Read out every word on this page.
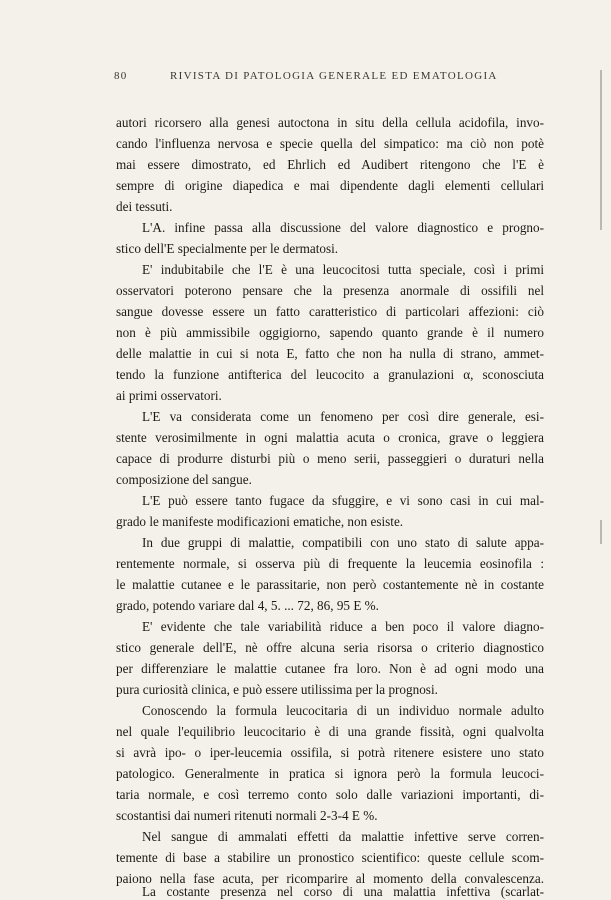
80	RIVISTA DI PATOLOGIA GENERALE ED EMATOLOGIA
autori ricorsero alla genesi autoctona in situ della cellula acidofila, invo-
cando l'influenza nervosa e specie quella del simpatico: ma ciò non potè
mai essere dimostrato, ed Ehrlich ed Audibert ritengono che l'E è
sempre di origine diapedica e mai dipendente dagli elementi cellulari
dei tessuti.
L'A. infine passa alla discussione del valore diagnostico e progno-
stico dell'E specialmente per le dermatosi.
E' indubitabile che l'E è una leucocitosi tutta speciale, così i primi
osservatori poterono pensare che la presenza anormale di ossifili nel
sangue dovesse essere un fatto caratteristico di particolari affezioni: ciò
non è più ammissibile oggigiorno, sapendo quanto grande è il numero
delle malattie in cui si nota E, fatto che non ha nulla di strano, ammet-
tendo la funzione antifterica del leucocito a granulazioni α, sconosciuta
ai primi osservatori.
L'E va considerata come un fenomeno per così dire generale, esi-
stente verosimilmente in ogni malattia acuta o cronica, grave o leggiera
capace di produrre disturbi più o meno serii, passeggieri o duraturi nella
composizione del sangue.
L'E può essere tanto fugace da sfuggire, e vi sono casi in cui mal-
grado le manifeste modificazioni ematiche, non esiste.
In due gruppi di malattie, compatibili con uno stato di salute appa-
rentemente normale, si osserva più di frequente la leucemia eosinofila :
le malattie cutanee e le parassitarie, non però costantemente nè in costante
grado, potendo variare dal 4, 5. ... 72, 86, 95 E %.
E' evidente che tale variabilità riduce a ben poco il valore diagno-
stico generale dell'E, nè offre alcuna seria risorsa o criterio diagnostico
per differenziare le malattie cutanee fra loro. Non è ad ogni modo una
pura curiosità clinica, e può essere utilissima per la prognosi.
Conoscendo la formula leucocitaria di un individuo normale adulto
nel quale l'equilibrio leucocitario è di una grande fissità, ogni qualvolta
si avrà ipo- o iper-leucemia ossifila, si potrà ritenere esistere uno stato
patologico. Generalmente in pratica si ignora però la formula leucoci-
taria normale, e così terremo conto solo dalle variazioni importanti, di-
scostantisi dai numeri ritenuti normali 2-3-4 E %.
Nel sangue di ammalati effetti da malattie infettive serve corren-
temente di base a stabilire un pronostico scientifico: queste cellule scom-
paiono nella fase acuta, per ricomparire al momento della convalescenza.
La costante presenza nel corso di una malattia infettiva (scarlat-
